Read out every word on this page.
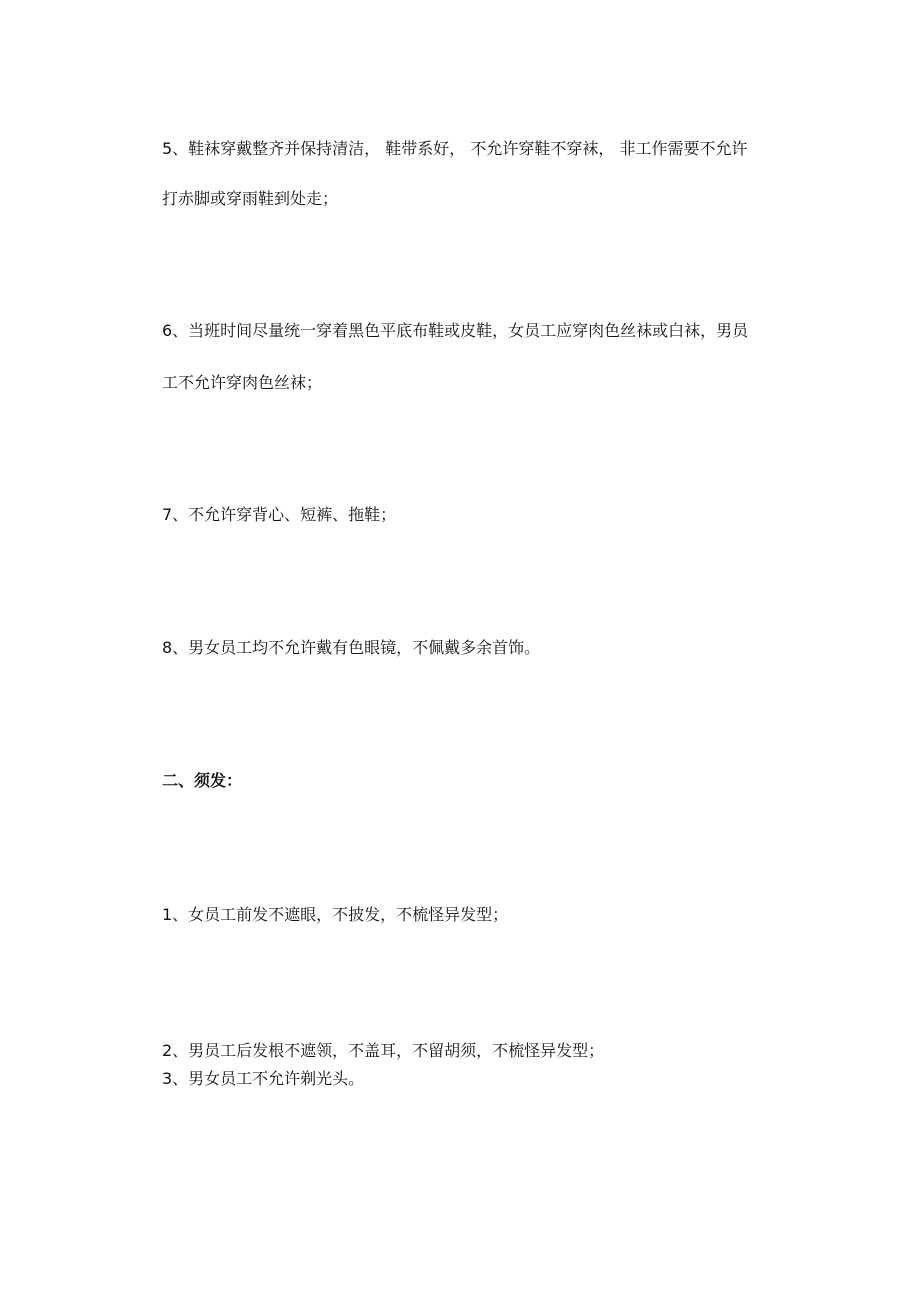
5、鞋袜穿戴整齐并保持清洁， 鞋带系好， 不允许穿鞋不穿袜， 非工作需要不允许
打赤脚或穿雨鞋到处走；
6、当班时间尽量统一穿着黑色平底布鞋或皮鞋，女员工应穿肉色丝袜或白袜，男员
工不允许穿肉色丝袜；
7、不允许穿背心、短裤、拖鞋；
8、男女员工均不允许戴有色眼镜，不佩戴多余首饰。
二、须发：
1、女员工前发不遮眼，不披发，不梳怪异发型；
2、男员工后发根不遮领，不盖耳，不留胡须，不梳怪异发型；
3、男女员工不允许剃光头。
